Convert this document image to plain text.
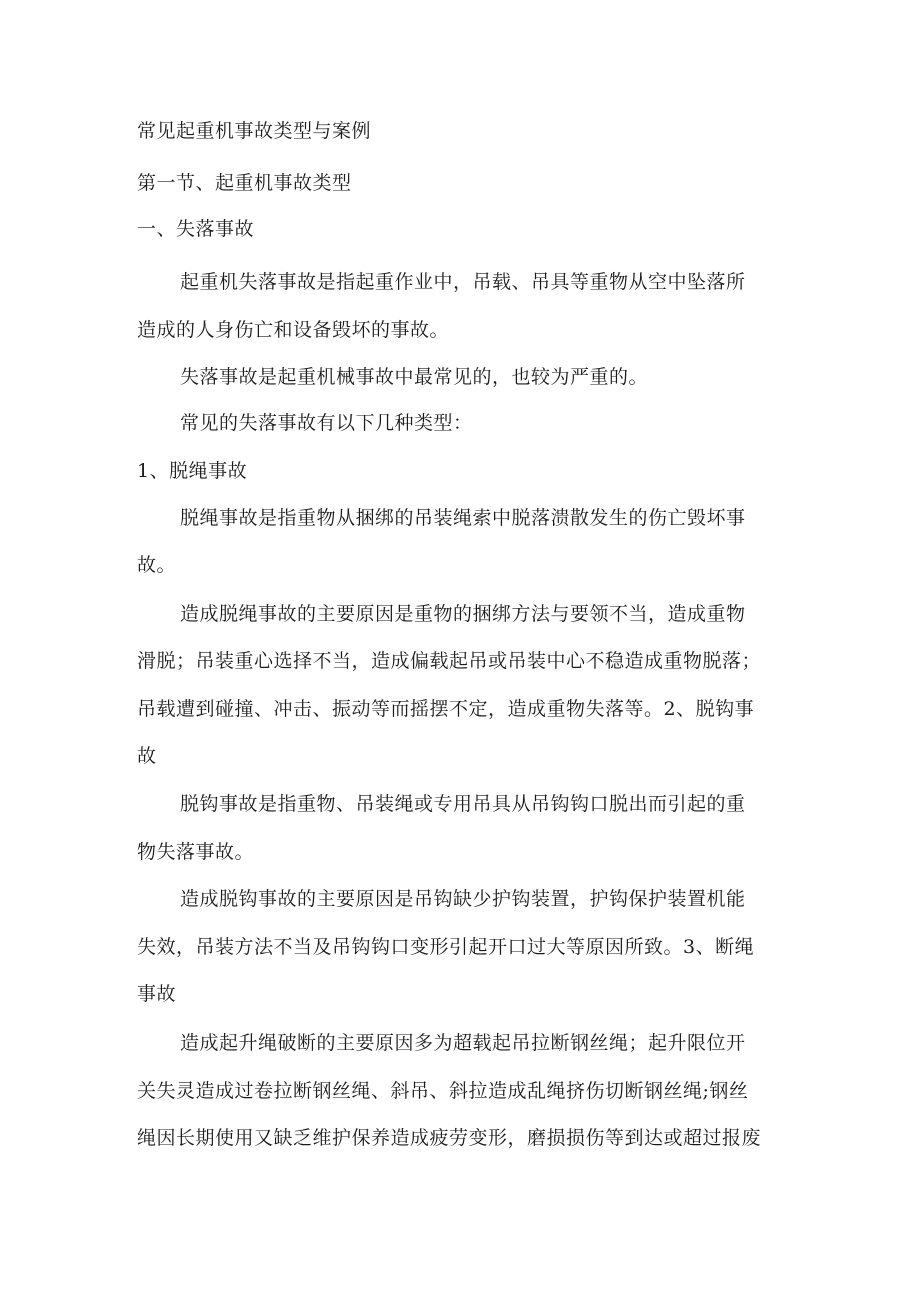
常见起重机事故类型与案例
第一节、起重机事故类型
一、失落事故
起重机失落事故是指起重作业中，吊载、吊具等重物从空中坠落所
造成的人身伤亡和设备毁坏的事故。
失落事故是起重机械事故中最常见的，也较为严重的。
常见的失落事故有以下几种类型：
1、脱绳事故
脱绳事故是指重物从捆绑的吊装绳索中脱落溃散发生的伤亡毁坏事
故。
造成脱绳事故的主要原因是重物的捆绑方法与要领不当，造成重物
滑脱；吊装重心选择不当，造成偏载起吊或吊装中心不稳造成重物脱落；
吊载遭到碰撞、冲击、振动等而摇摆不定，造成重物失落等。2、脱钩事
故
脱钩事故是指重物、吊装绳或专用吊具从吊钩钩口脱出而引起的重
物失落事故。
造成脱钩事故的主要原因是吊钩缺少护钩装置，护钩保护装置机能
失效，吊装方法不当及吊钩钩口变形引起开口过大等原因所致。3、断绳
事故
造成起升绳破断的主要原因多为超载起吊拉断钢丝绳；起升限位开
关失灵造成过卷拉断钢丝绳、斜吊、斜拉造成乱绳挤伤切断钢丝绳;钢丝
绳因长期使用又缺乏维护保养造成疲劳变形，磨损损伤等到达或超过报废
